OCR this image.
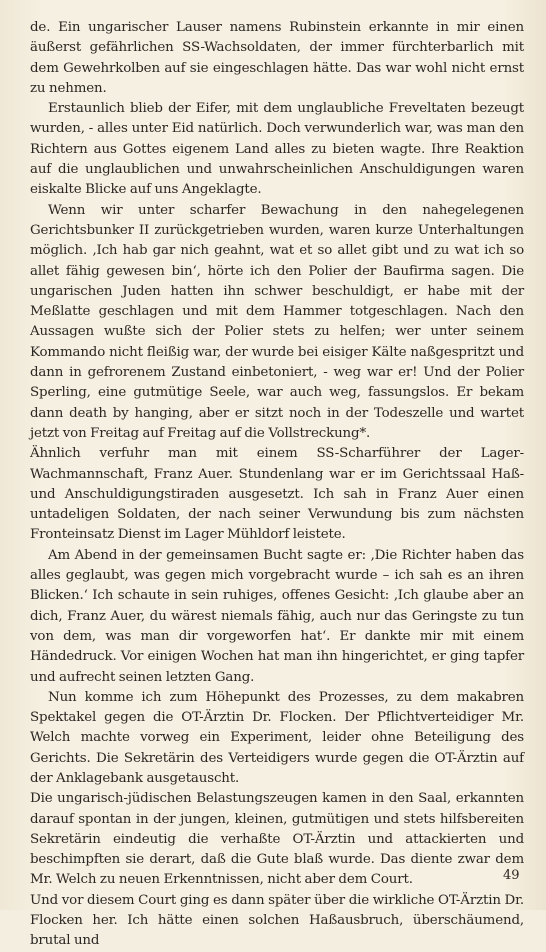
de. Ein ungarischer Lauser namens Rubinstein erkannte in mir einen äußerst gefährlichen SS-Wachsoldaten, der immer fürchterbarlich mit dem Gewehrkolben auf sie eingeschlagen hätte. Das war wohl nicht ernst zu nehmen.

Erstaunlich blieb der Eifer, mit dem unglaubliche Freveltaten bezeugt wurden, - alles unter Eid natürlich. Doch verwunderlich war, was man den Richtern aus Gottes eigenem Land alles zu bieten wagte. Ihre Reaktion auf die unglaublichen und unwahrscheinlichen Anschuldigungen waren eiskalte Blicke auf uns Angeklagte.

Wenn wir unter scharfer Bewachung in den nahegelegenen Gerichtsbunker II zurückgetrieben wurden, waren kurze Unterhaltungen möglich. ‚Ich hab gar nich geahnt, wat et so allet gibt und zu wat ich so allet fähig gewesen bin‘, hörte ich den Polier der Baufirma sagen. Die ungarischen Juden hatten ihn schwer beschuldigt, er habe mit der Meßlatte geschlagen und mit dem Hammer totgeschlagen. Nach den Aussagen wußte sich der Polier stets zu helfen; wer unter seinem Kommando nicht fleißig war, der wurde bei eisiger Kälte naßgespritzt und dann in gefrorenem Zustand einbetoniert, - weg war er! Und der Polier Sperling, eine gutmütige Seele, war auch weg, fassungslos. Er bekam dann death by hanging, aber er sitzt noch in der Todeszelle und wartet jetzt von Freitag auf Freitag auf die Vollstreckung*.

Ähnlich verfuhr man mit einem SS-Scharführer der Lager-Wachmannschaft, Franz Auer. Stundenlang war er im Gerichtssaal Haß- und Anschuldigungstiraden ausgesetzt. Ich sah in Franz Auer einen untadeligen Soldaten, der nach seiner Verwundung bis zum nächsten Fronteinsatz Dienst im Lager Mühldorf leistete.

Am Abend in der gemeinsamen Bucht sagte er: ‚Die Richter haben das alles geglaubt, was gegen mich vorgebracht wurde – ich sah es an ihren Blicken.‘ Ich schaute in sein ruhiges, offenes Gesicht: ‚Ich glaube aber an dich, Franz Auer, du wärest niemals fähig, auch nur das Geringste zu tun von dem, was man dir vorgeworfen hat‘. Er dankte mir mit einem Händedruck. Vor einigen Wochen hat man ihn hingerichtet, er ging tapfer und aufrecht seinen letzten Gang.

Nun komme ich zum Höhepunkt des Prozesses, zu dem makabren Spektakel gegen die OT-Ärztin Dr. Flocken. Der Pflichtverteidiger Mr. Welch machte vorweg ein Experiment, leider ohne Beteiligung des Gerichts. Die Sekretärin des Verteidigers wurde gegen die OT-Ärztin auf der Anklagebank ausgetauscht.

Die ungarisch-jüdischen Belastungszeugen kamen in den Saal, erkannten darauf spontan in der jungen, kleinen, gutmütigen und stets hilfsbereiten Sekretärin eindeutig die verhaßte OT-Ärztin und attackierten und beschimpften sie derart, daß die Gute blaß wurde. Das diente zwar dem Mr. Welch zu neuen Erkenntnissen, nicht aber dem Court.

Und vor diesem Court ging es dann später über die wirkliche OT-Ärztin Dr. Flocken her. Ich hätte einen solchen Haßausbruch, überschäumend, brutal und

49
